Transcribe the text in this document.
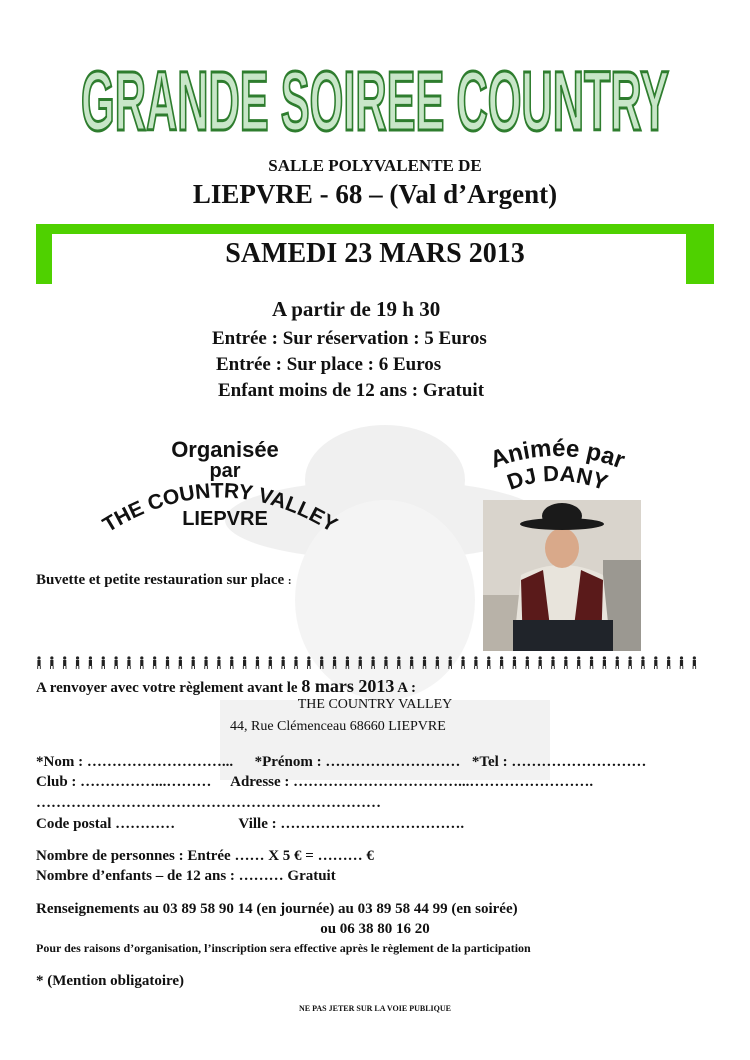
GRANDE SOIREE COUNTRY
SALLE POLYVALENTE DE
LIEPVRE - 68 – (Val d’Argent)
SAMEDI 23 MARS 2013
A partir de 19 h 30
Entrée : Sur réservation : 5 Euros
Entrée : Sur place : 6 Euros
Enfant moins de 12 ans : Gratuit
Organisée
par
THE COUNTRY VALLEY
LIEPVRE
Animée par
DJ DANY
Buvette et petite restauration sur place :
A renvoyer avec votre règlement avant le 8 mars 2013 A :
THE COUNTRY VALLEY
44, Rue Clémenceau 68660 LIEPVRE
*Nom : ………………………... *Prénom : ……………………… *Tel : ………………………
Club : ……………...……… Adresse : ……………………………...…………………….
……………………………………………………………
Code postal …………	Ville : ……………………………….
Nombre de personnes : Entrée …… X 5 € = ……… €
Nombre d’enfants – de 12 ans : ……… Gratuit
Renseignements au 03 89 58 90 14 (en journée) au 03 89 58 44 99 (en soirée)
ou 06 38 80 16 20
Pour des raisons d’organisation, l’inscription sera effective après le règlement de la participation
* (Mention obligatoire)
NE PAS JETER SUR LA VOIE PUBLIQUE
